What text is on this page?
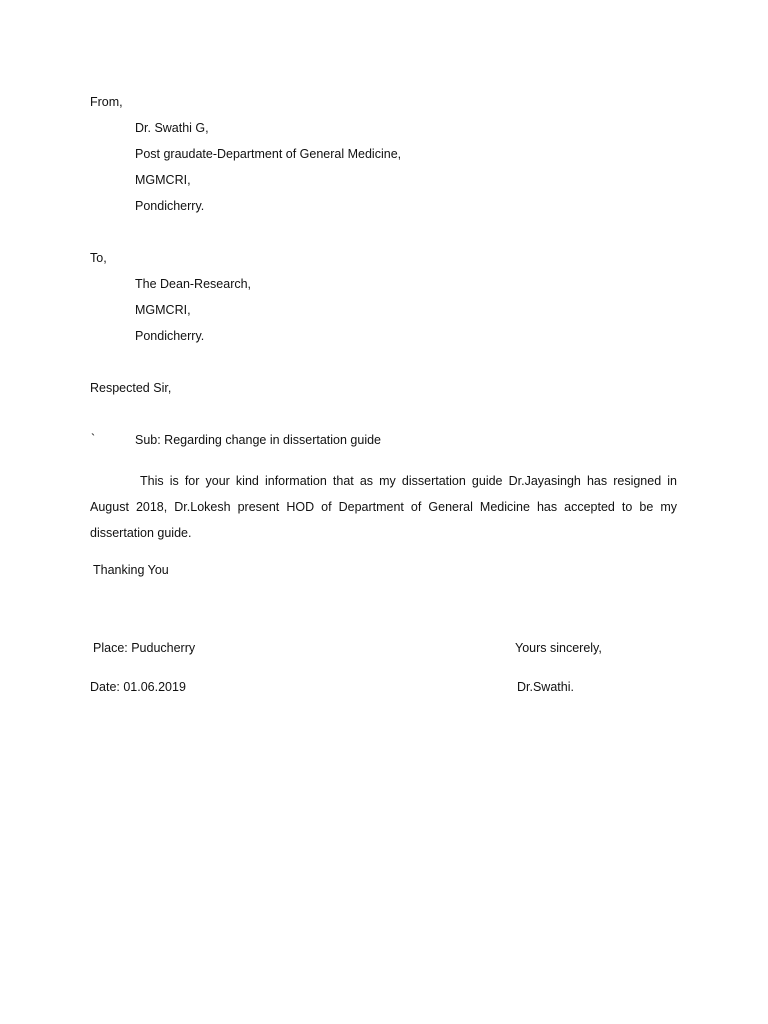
From,
Dr. Swathi G,
Post graudate-Department of General Medicine,
MGMCRI,
Pondicherry.
To,
The Dean-Research,
MGMCRI,
Pondicherry.
Respected Sir,
`	Sub: Regarding change in dissertation guide
This is for your kind information that as my dissertation guide Dr.Jayasingh has resigned in August 2018, Dr.Lokesh present HOD of Department of General Medicine has accepted to be my dissertation guide.
Thanking You
Place: Puducherry	Yours sincerely,
Date: 01.06.2019	Dr.Swathi.
